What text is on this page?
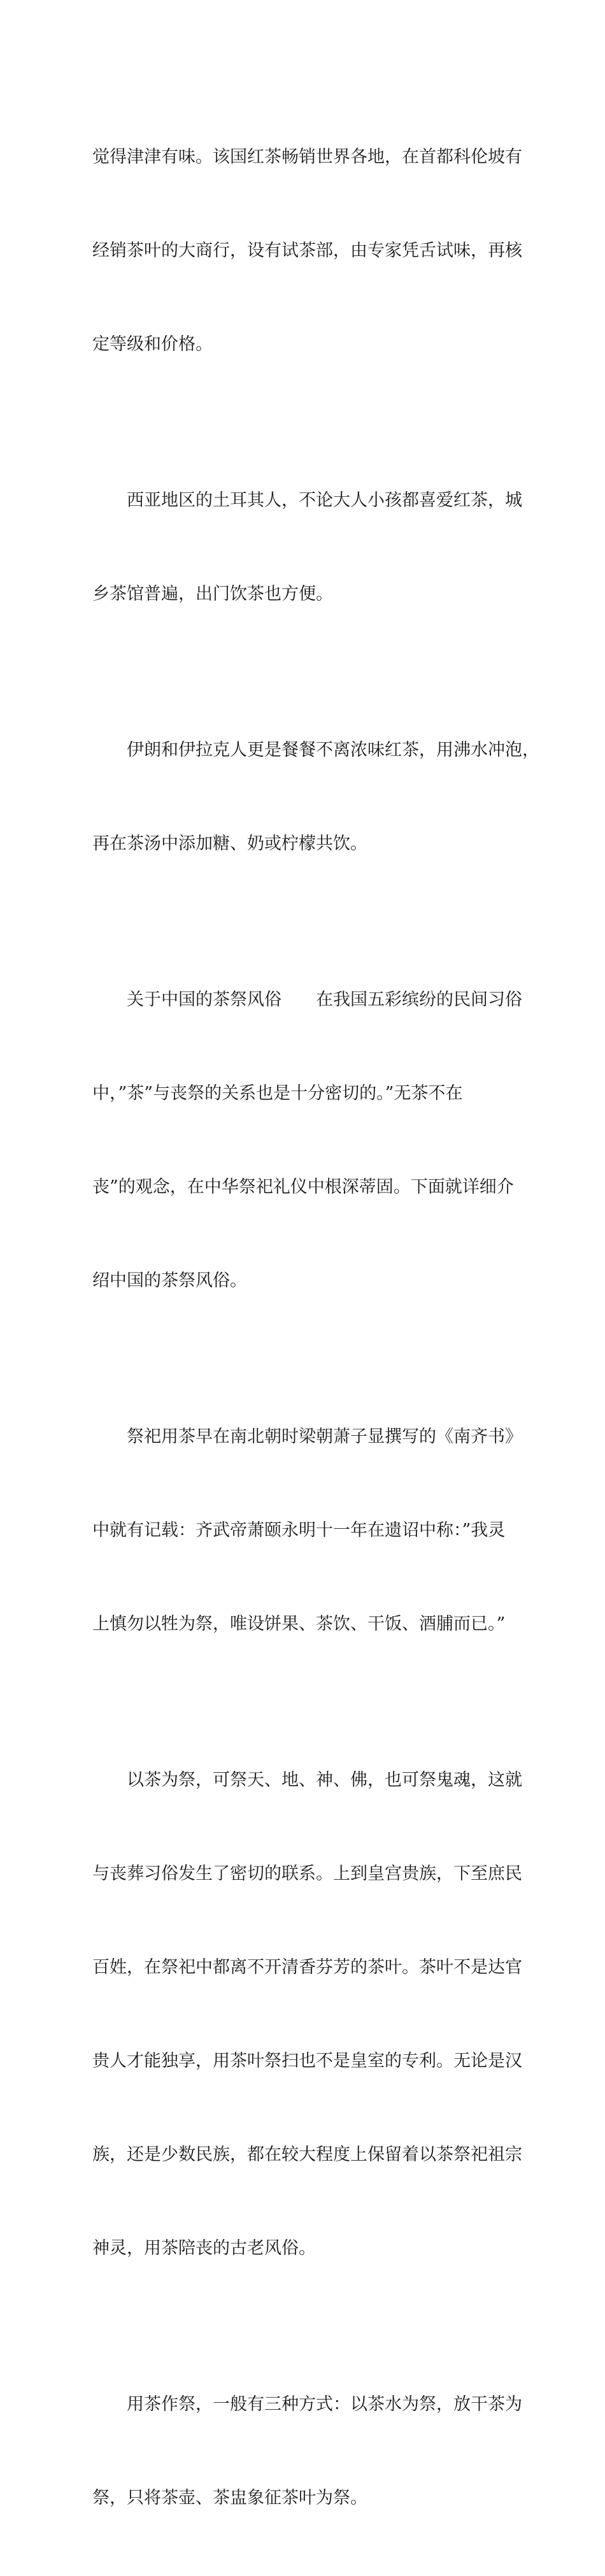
觉得津津有味。该国红茶畅销世界各地，在首都科伦坡有

经销茶叶的大商行，设有试茶部，由专家凭舌试味，再核

定等级和价格。

西亚地区的土耳其人，不论大人小孩都喜爱红茶，城

乡茶馆普遍，出门饮茶也方便。

伊朗和伊拉克人更是餐餐不离浓味红茶，用沸水冲泡，

再在茶汤中添加糖、奶或柠檬共饮。

关于中国的茶祭风俗　　在我国五彩缤纷的民间习俗

中，”茶”与丧祭的关系也是十分密切的。”无茶不在

丧”的观念，在中华祭祀礼仪中根深蒂固。下面就详细介

绍中国的茶祭风俗。

祭祀用茶早在南北朝时梁朝萧子显撰写的《南齐书》

中就有记载：齐武帝萧颐永明十一年在遗诏中称：”我灵

上慎勿以牲为祭，唯设饼果、茶饮、干饭、酒脯而已。”

以茶为祭，可祭天、地、神、佛，也可祭鬼魂，这就

与丧葬习俗发生了密切的联系。上到皇宫贵族，下至庶民

百姓，在祭祀中都离不开清香芬芳的茶叶。茶叶不是达官

贵人才能独享，用茶叶祭扫也不是皇室的专利。无论是汉

族，还是少数民族，都在较大程度上保留着以茶祭祀祖宗

神灵，用茶陪丧的古老风俗。

用茶作祭，一般有三种方式：以茶水为祭，放干茶为

祭，只将茶壶、茶盅象征茶叶为祭。
